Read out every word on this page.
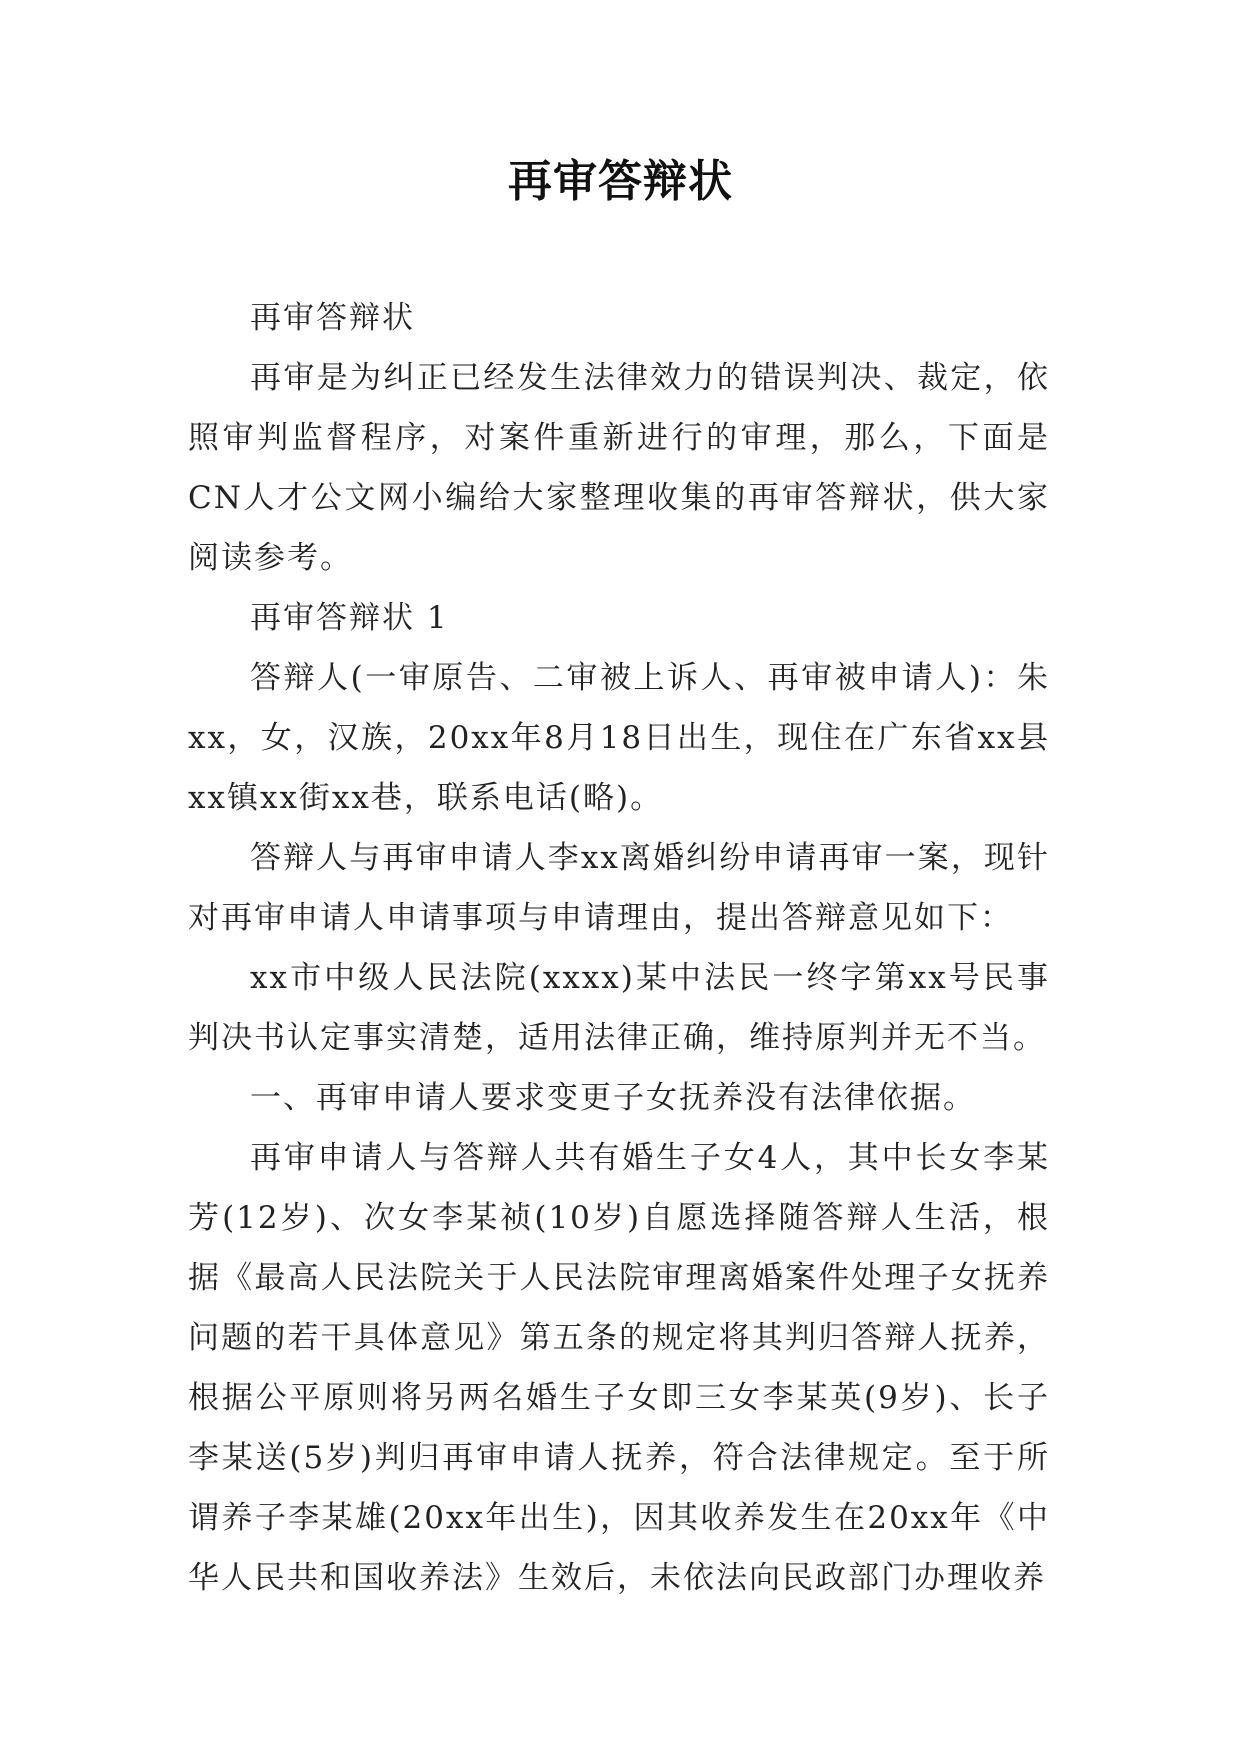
再审答辩状

再审答辩状

再审是为纠正已经发生法律效力的错误判决、裁定，依照审判监督程序，对案件重新进行的审理，那么，下面是CN人才公文网小编给大家整理收集的再审答辩状，供大家阅读参考。

再审答辩状 1

答辩人(一审原告、二审被上诉人、再审被申请人)：朱xx，女，汉族，20xx年8月18日出生，现住在广东省xx县xx镇xx街xx巷，联系电话(略)。

答辩人与再审申请人李xx离婚纠纷申请再审一案，现针对再审申请人申请事项与申请理由，提出答辩意见如下：

xx市中级人民法院(xxxx)某中法民一终字第xx号民事判决书认定事实清楚，适用法律正确，维持原判并无不当。

一、再审申请人要求变更子女抚养没有法律依据。

再审申请人与答辩人共有婚生子女4人，其中长女李某芳(12岁)、次女李某祯(10岁)自愿选择随答辩人生活，根据《最高人民法院关于人民法院审理离婚案件处理子女抚养问题的若干具体意见》第五条的规定将其判归答辩人抚养，根据公平原则将另两名婚生子女即三女李某英(9岁)、长子李某送(5岁)判归再审申请人抚养，符合法律规定。至于所谓养子李某雄(20xx年出生)，因其收养发生在20xx年《中华人民共和国收养法》生效后，未依法向民政部门办理收养
